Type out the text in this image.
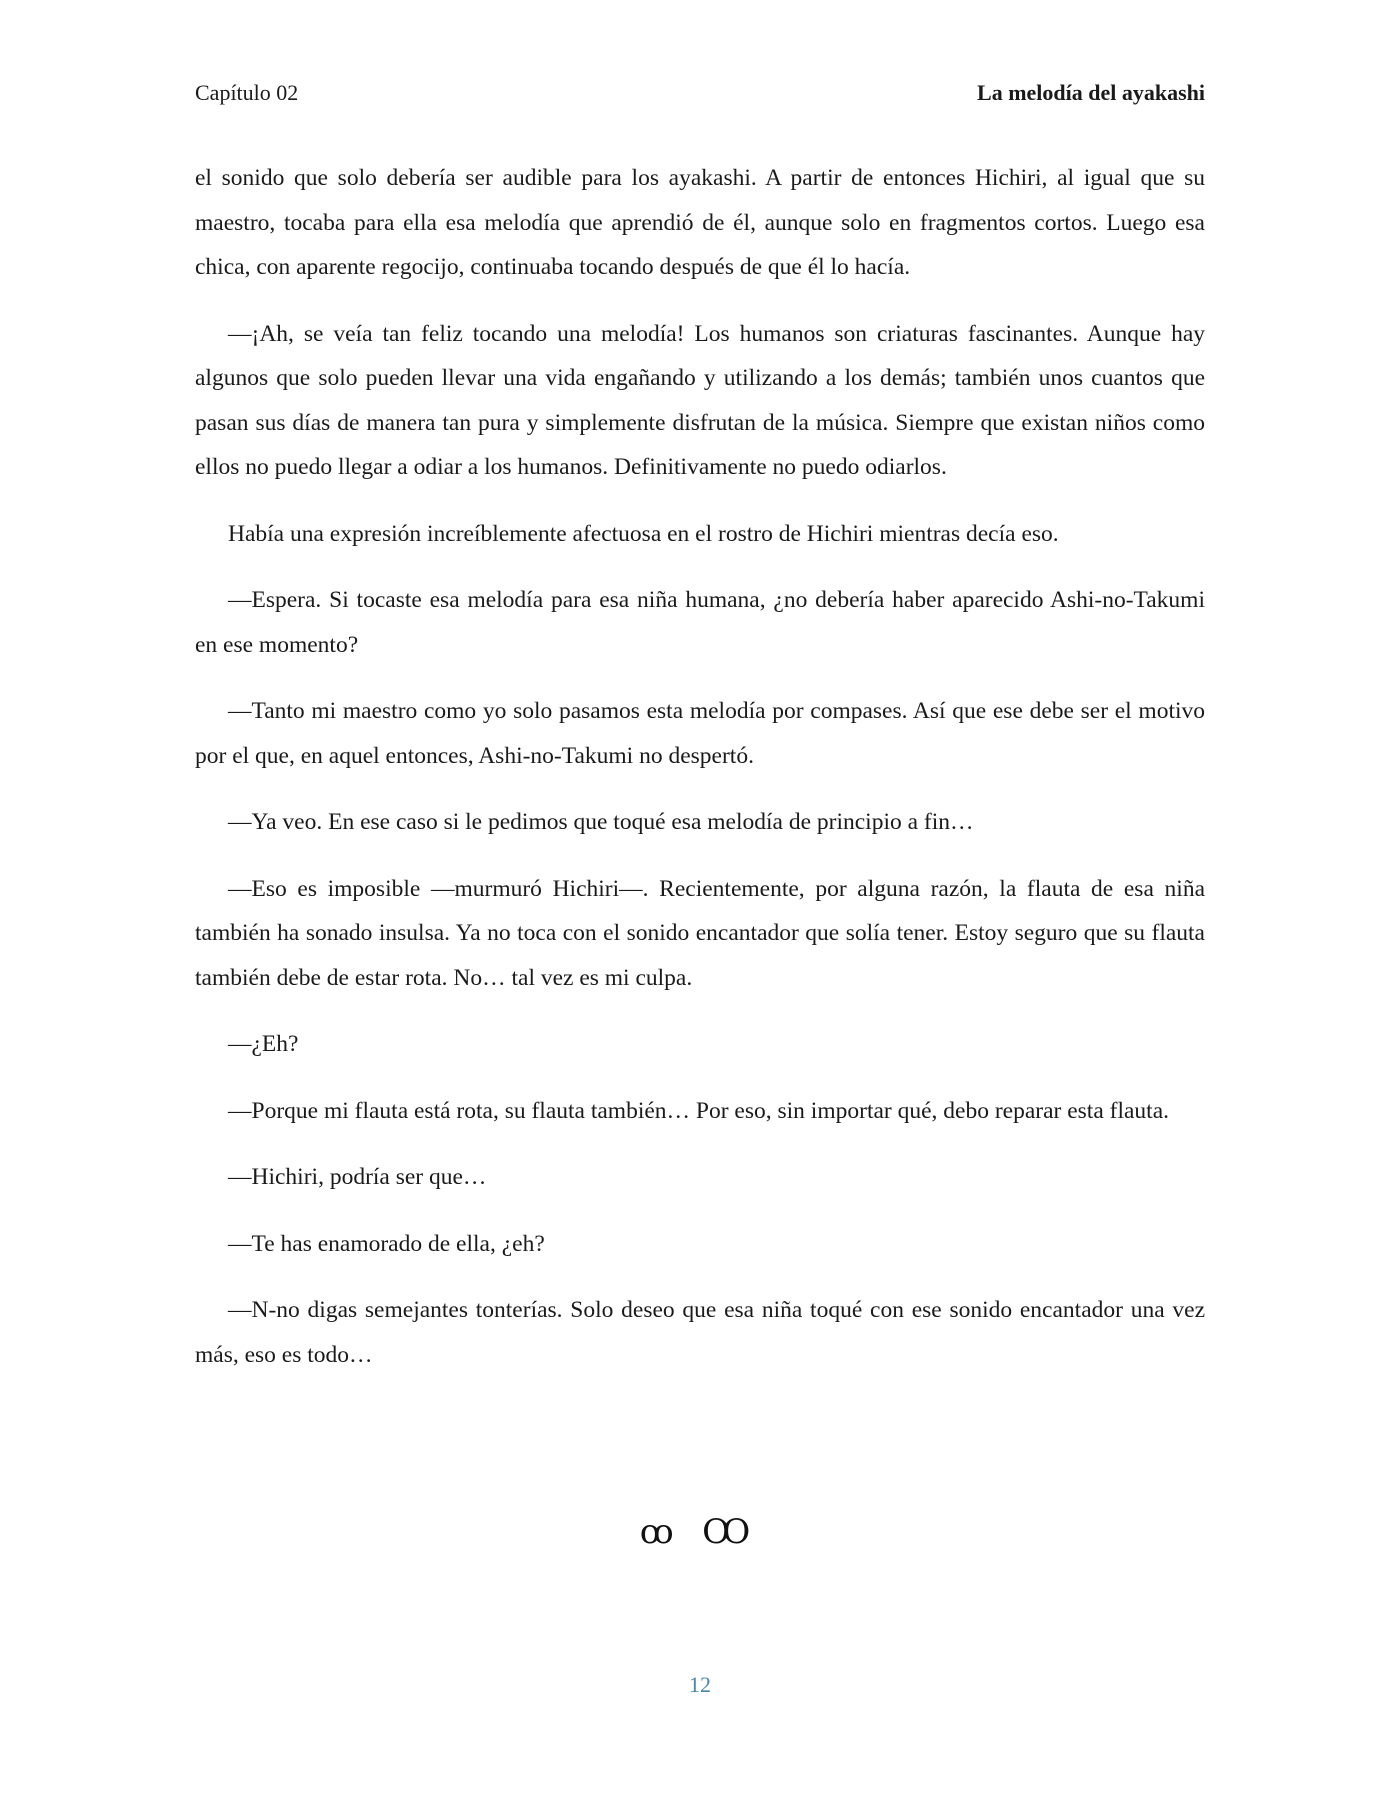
Capítulo 02	La melodía del ayakashi

el sonido que solo debería ser audible para los ayakashi. A partir de entonces Hichiri, al igual que su maestro, tocaba para ella esa melodía que aprendió de él, aunque solo en fragmentos cortos. Luego esa chica, con aparente regocijo, continuaba tocando después de que él lo hacía.

—¡Ah, se veía tan feliz tocando una melodía! Los humanos son criaturas fascinantes. Aunque hay algunos que solo pueden llevar una vida engañando y utilizando a los demás; también unos cuantos que pasan sus días de manera tan pura y simplemente disfrutan de la música. Siempre que existan niños como ellos no puedo llegar a odiar a los humanos. Definitivamente no puedo odiarlos.

Había una expresión increíblemente afectuosa en el rostro de Hichiri mientras decía eso.

—Espera. Si tocaste esa melodía para esa niña humana, ¿no debería haber aparecido Ashi-no-Takumi en ese momento?

—Tanto mi maestro como yo solo pasamos esta melodía por compases. Así que ese debe ser el motivo por el que, en aquel entonces, Ashi-no-Takumi no despertó.

—Ya veo. En ese caso si le pedimos que toqué esa melodía de principio a fin…

—Eso es imposible —murmuró Hichiri—. Recientemente, por alguna razón, la flauta de esa niña también ha sonado insulsa. Ya no toca con el sonido encantador que solía tener. Estoy seguro que su flauta también debe de estar rota. No… tal vez es mi culpa.

—¿Eh?

—Porque mi flauta está rota, su flauta también… Por eso, sin importar qué, debo reparar esta flauta.

—Hichiri, podría ser que…

—Te has enamorado de ella, ¿eh?

—N-no digas semejantes tonterías. Solo deseo que esa niña toqué con ese sonido encantador una vez más, eso es todo…

ꝏ Ꝏ
12
